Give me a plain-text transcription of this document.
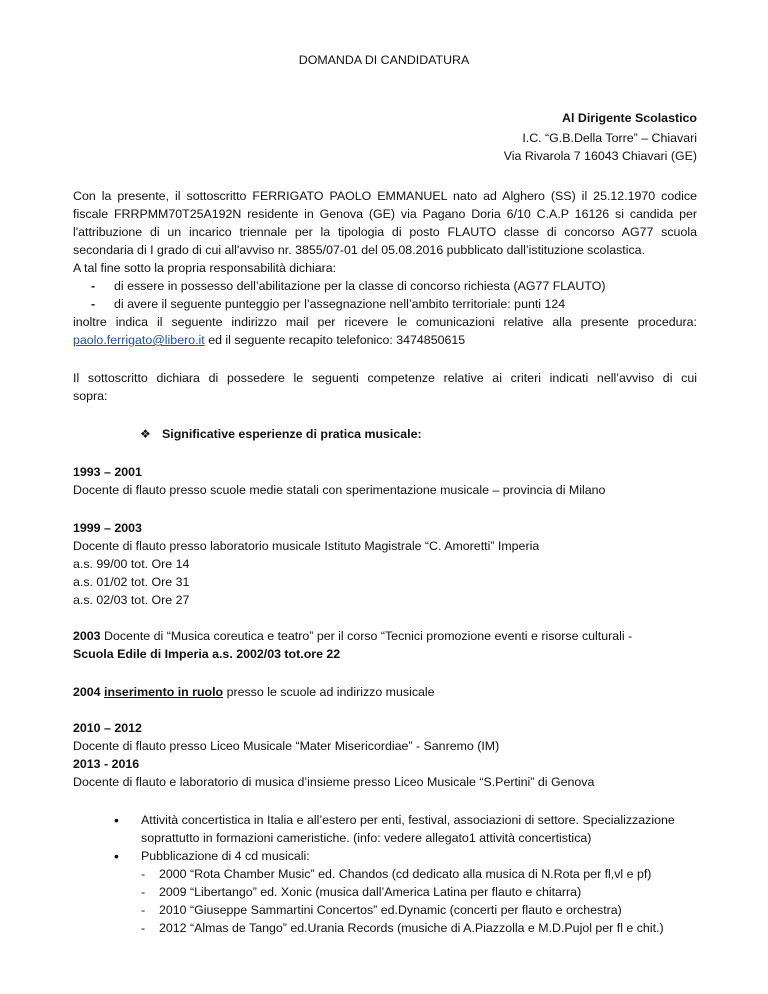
DOMANDA DI CANDIDATURA
Al Dirigente Scolastico
I.C. “G.B.Della Torre” – Chiavari
Via Rivarola 7 16043 Chiavari (GE)
Con la presente, il sottoscritto FERRIGATO PAOLO EMMANUEL nato ad Alghero (SS) il 25.12.1970 codice
fiscale FRRPMM70T25A192N residente in Genova (GE) via Pagano Doria 6/10 C.A.P 16126 si candida per
l'attribuzione di un incarico triennale per la tipologia di posto FLAUTO classe di concorso AG77 scuola
secondaria di I grado di cui all'avviso nr. 3855/07-01 del 05.08.2016 pubblicato dall’istituzione scolastica.
A tal fine sotto la propria responsabilità dichiara:
- di essere in possesso dell’abilitazione per la classe di concorso richiesta (AG77 FLAUTO)
- di avere il seguente punteggio per l’assegnazione nell’ambito territoriale: punti 124
inoltre indica il seguente indirizzo mail per ricevere le comunicazioni relative alla presente procedura:
paolo.ferrigato@libero.it ed il seguente recapito telefonico: 3474850615
Il sottoscritto dichiara di possedere le seguenti competenze relative ai criteri indicati nell’avviso di cui
sopra:
❖ Significative esperienze di pratica musicale:
1993 – 2001
Docente di flauto presso scuole medie statali con sperimentazione musicale – provincia di Milano
1999 – 2003
Docente di flauto presso laboratorio musicale Istituto Magistrale “C. Amoretti” Imperia
a.s. 99/00 tot. Ore 14
a.s. 01/02 tot. Ore 31
a.s. 02/03 tot. Ore 27
2003 Docente di “Musica coreutica e teatro” per il corso “Tecnici promozione eventi e risorse culturali -
Scuola Edile di Imperia a.s. 2002/03 tot.ore 22
2004 inserimento in ruolo presso le scuole ad indirizzo musicale
2010 – 2012
Docente di flauto presso Liceo Musicale “Mater Misericordiae” - Sanremo (IM)
2013 - 2016
Docente di flauto e laboratorio di musica d’insieme presso Liceo Musicale “S.Pertini” di Genova
• Attività concertistica in Italia e all’estero per enti, festival, associazioni di settore. Specializzazione
soprattutto in formazioni cameristiche. (info: vedere allegato1 attività concertistica)
• Pubblicazione di 4 cd musicali:
- 2000 “Rota Chamber Music” ed. Chandos (cd dedicato alla musica di N.Rota per fl,vl e pf)
- 2009 “Libertango” ed. Xonic (musica dall’America Latina per flauto e chitarra)
- 2010 “Giuseppe Sammartini Concertos” ed.Dynamic (concerti per flauto e orchestra)
- 2012 “Almas de Tango” ed.Urania Records (musiche di A.Piazzolla e M.D.Pujol per fl e chit.)
